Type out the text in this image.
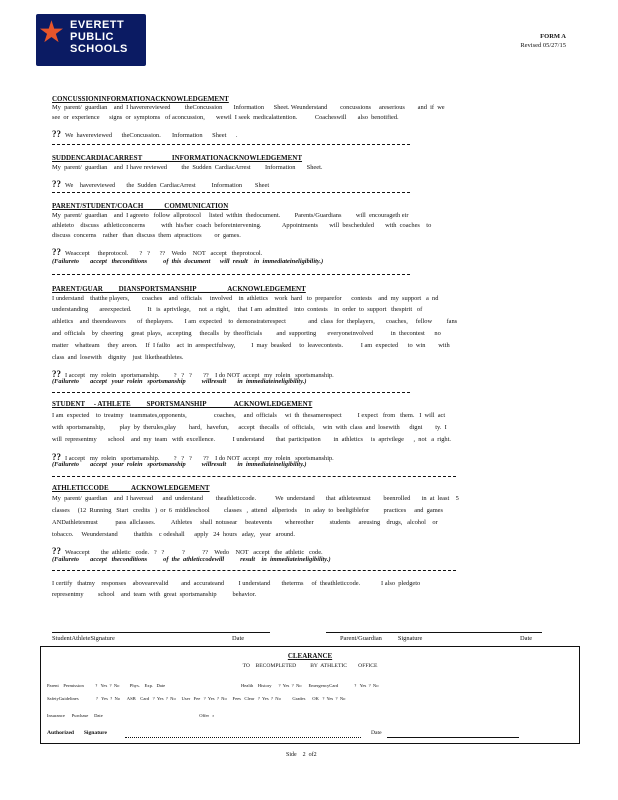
★ EVERETT
PUBLIC
SCHOOLS
FORM A
Revised 05/27/15
CONCUSSIONINFORMATIONACKNOWLEDGEMENT
My  parent/  guardian    and  I haverereviewed         theConcussion       Information      Sheet. Weunderstand        concussions     areserious        and  if  we
see  or  experience      signs  or  symptoms   of aconcussion,       wewil  I seek  medicalattention.           Coacheswill       also  benotified.
?? We  havereviewed      theConcussion.       Information      Sheet      .
SUDDENCARDIACARREST                 INFORMATIONACKNOWLEDGEMENT
My  parent/  guardian    and  I have reviewed         the  Sudden  CardiacArrest         Information       Sheet.
?? We    havereviewed       the  Sudden  CardiacArrest          Information        Sheet
PARENT/STUDENT/COACH            COMMUNICATION
My  parent/  guardian    and  I agreeto   follow  allprotocol     listed  within  thedocument.         Parents/Guardians         will  encourageth eir
athleteto    discuss   athleticconcerns          with  his/her  coach  beforeintervening.             Appointments       will  bescheduled       with  coaches    to
discuss  concerns    rather   than  discuss  them  atpractices        or  games.
?? Weaccept     theprotocol.       ?   ?      ??    Wedo    NOT   accept   theprotocol.
(Failureto       accept   theconditions          of  this  document      will  result    in  immediateineligibility.)
PARENT/GUAR         DIANSPORTSMANSHIP                  ACKNOWLEDGEMENT
I understand    thatthe players,        coaches    and  officials     involved    in  athletics    work  hard   to  preparefor      contests    and  my  support   a  nd
understanding       areexpected.          It   is  aprivilege,     not  a  right,     that  I am  admitted    into  contests    in  order  to  support   thespirit   of
athletics    and  theendeavors       of  theplayers.       I am  expected    to  demonstraterespect              and  class  for  theplayers,       coaches,     fellow         fans
and  officials    by  cheering     great  plays,   accepting     thecalls   by  theofficials         and  supporting       everyoneinvolved           in  thecontest      no
matter    whatteam     they  areon.     If  I failto    act  in  arespectfulway,          I  may  beasked     to  leavecontests.           I am  expected      to  win        with
class  and  losewith    dignity    just  liketheathletes.
?? I accept   my  rolein   sportsmanship.         ?   ?   ?       ??    I do NOT  accept   my  rolein   sportsmanship.
(Failureto       accept   your  rolein   sportsmanship          willresult       in  immediateineligibility.)
STUDENT     - ATHLETE         SPORTSMANSHIP                ACKNOWLEDGEMENT
I am  expected    to  treatmy    teammates,opponents,                 coaches,     and  officials     wi  th  thesamerespect          I expect   from   them.   I  will  act
with  sportsmanship,         play  by  therules,play        hard,   havefun,      accept   thecalls   of  officials,     win  with  class  and  losewith      digni        ty.  I
will  representmy       school    and  my  team   with  excellence.           I understand       that  participation        in  athletics     is  aprivilege      ,  not   a  right.
?? I accept   my  rolein   sportsmanship.         ?   ?   ?       ??    I do NOT  accept   my  rolein   sportsmanship.
(Failureto       accept   your  rolein   sportsmanship          willresult       in  immediateineligibility.)
ATHLETICCODE             ACKNOWLEDGEMENT
My  parent/  guardian    and  I haveread      and  understand        theathleticcode.            We  understand       that  athletesmust        beenrolled       in  at  least    5
classes     (12  Running   Start   credits   )  or  6  middleschool         classes   ,  attend   allperiods     in  aday  to  beeligiblefor         practices     and  games
ANDathletesmust           pass  allclasses.          Athletes     shall  notusear     beatevents        whereother          students     areusing    drugs,   alcohol    or
tobacco.     Weunderstand          thatthis    c odeshall      apply   24  hours   aday,   year   around.
?? Weaccept       the  athletic   code.   ?   ?           ?           ??    Wedo    NOT   accept   the  athletic   code.
(Failureto       accept   theconditions          of  the  athleticcodewill          result    in  immediateineligibility.)
I certify   thatmy    responses    abovearevalid        and  accurateand         I understand       theterms     of  theathleticcode.             I also  pledgeto
representmy         school    and  team  with  great  sportsmanship          behavior.
StudentAthleteSignature	Date	Parent/Guardian          Signature	Date
CLEARANCE
TO    BECOMPLETED          BY  ATHLETIC        OFFICE
Parent    Permission          ?   Yes  ?  No         Phys.    Exp.   Date                                                                  Health    History      ?  Yes  ?  No      EmergencyCard              ?   Yes  ?  No
SafetyGuidelines               ?   Yes  ?  No      ASB    Card   ?  Yes  ?  No     User   Fee   ?  Yes  ?  No     Fees   Clear   ?  Yes  ?  No          Grades      OK   ?  Yes  ?  No
Insurance      Purchase     Date                                                                                    Offer   r
Authorized       Signature	Date
Side    2  of2
